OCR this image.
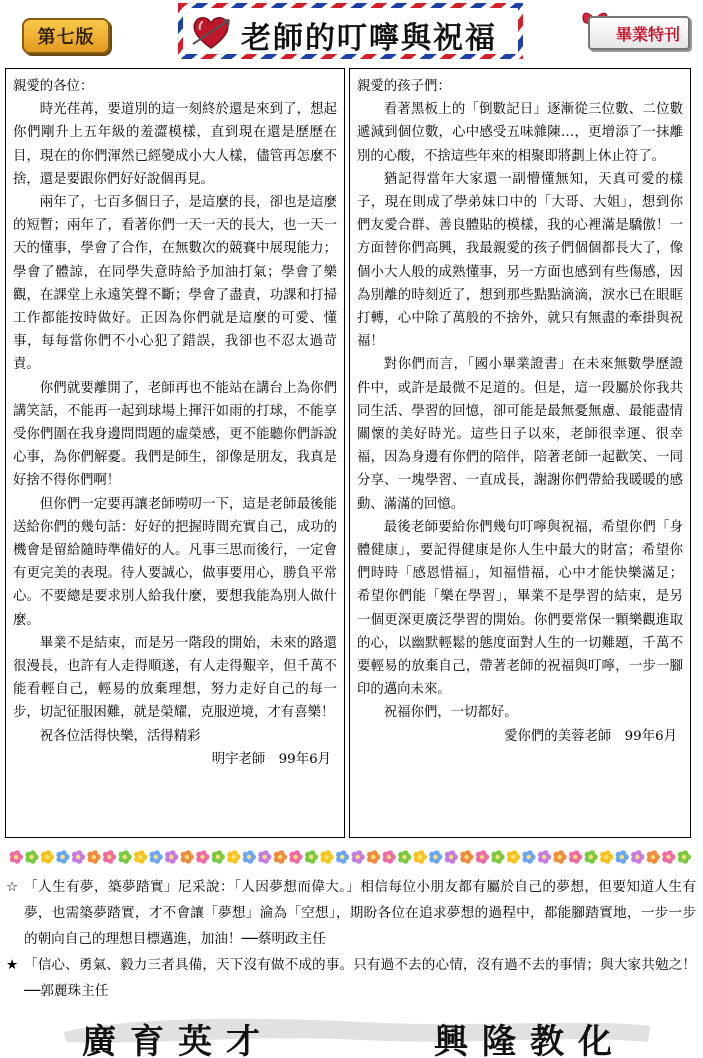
第七版	老師的叮嚀與祝福	畢業特刊
親愛的各位：
時光荏苒，要道別的這一刻終於還是來到了，想起你們剛升上五年級的羞澀模樣，直到現在還是歷歷在目，現在的你們渾然已經變成小大人樣，儘管再怎麼不捨，還是要跟你們好好說個再見。
兩年了，七百多個日子，是這麼的長，卻也是這麼的短暫；兩年了，看著你們一天一天的長大，也一天一天的懂事，學會了合作，在無數次的競賽中展現能力；學會了體諒，在同學失意時給予加油打氣；學會了樂觀，在課堂上永遠笑聲不斷；學會了盡責，功課和打掃工作都能按時做好。正因為你們就是這麼的可愛、懂事，每每當你們不小心犯了錯誤，我卻也不忍太過苛責。
你們就要離開了，老師再也不能站在講台上為你們講笑話，不能再一起到球場上揮汗如雨的打球，不能享受你們圍在我身邊問問題的虛榮感，更不能聽你們訴說心事，為你們解憂。我們是師生，卻像是朋友，我真是好捨不得你們啊！
但你們一定要再讓老師嘮叨一下，這是老師最後能送給你們的幾句話：好好的把握時間充實自己，成功的機會是留給隨時準備好的人。凡事三思而後行，一定會有更完美的表現。待人要誠心，做事要用心，勝負平常心。不要總是要求別人給我什麼，要想我能為別人做什麼。
畢業不是結束，而是另一階段的開始，未來的路還很漫長，也許有人走得順遂，有人走得艱辛，但千萬不能看輕自己，輕易的放棄理想，努力走好自己的每一步，切記征服困難，就是榮耀，克服逆境，才有喜樂！
祝各位活得快樂，活得精彩
明宇老師　99年6月
親愛的孩子們：
看著黑板上的「倒數記日」逐漸從三位數、二位數遞減到個位數，心中感受五味雜陳…，更增添了一抹離別的心酸，不捨這些年來的相聚即將劃上休止符了。
猶記得當年大家還一副懵懂無知，天真可愛的樣子，現在則成了學弟妹口中的「大哥、大姐」，想到你們友愛合群、善良體貼的模樣，我的心裡滿是驕傲！一方面替你們高興，我最親愛的孩子們個個都長大了，像個小大人般的成熟懂事，另一方面也感到有些傷感，因為別離的時刻近了，想到那些點點滴滴，淚水已在眼眶打轉，心中除了萬般的不捨外，就只有無盡的牽掛與祝福！
對你們而言，「國小畢業證書」在未來無數學歷證件中，或許是最微不足道的。但是，這一段屬於你我共同生活、學習的回憶，卻可能是最無憂無慮、最能盡情關懷的美好時光。這些日子以來，老師很幸運、很幸福，因為身邊有你們的陪伴，陪著老師一起歡笑、一同分享、一塊學習、一直成長，謝謝你們帶給我暖暖的感動、滿滿的回憶。
最後老師要給你們幾句叮嚀與祝福，希望你們「身體健康」，要記得健康是你人生中最大的財富；希望你們時時「感恩惜福」，知福惜福，心中才能快樂滿足；希望你們能「樂在學習」，畢業不是學習的結束，是另一個更深更廣泛學習的開始。你們要常保一顆樂觀進取的心，以幽默輕鬆的態度面對人生的一切難題，千萬不要輕易的放棄自己，帶著老師的祝福與叮嚀，一步一腳印的邁向未來。
祝福你們，一切都好。
愛你們的美蓉老師　99年6月
☆ 「人生有夢，築夢踏實」尼采說：「人因夢想而偉大。」相信每位小朋友都有屬於自己的夢想，但要知道人生有夢，也需築夢踏實，才不會讓「夢想」淪為「空想」，期盼各位在追求夢想的過程中，都能腳踏實地，一步一步的朝向自己的理想目標邁進，加油！──蔡明政主任
★ 「信心、勇氣、毅力三者具備，天下沒有做不成的事。只有過不去的心情，沒有過不去的事情；與大家共勉之！──郭麗珠主任
廣育英才	興隆教化
